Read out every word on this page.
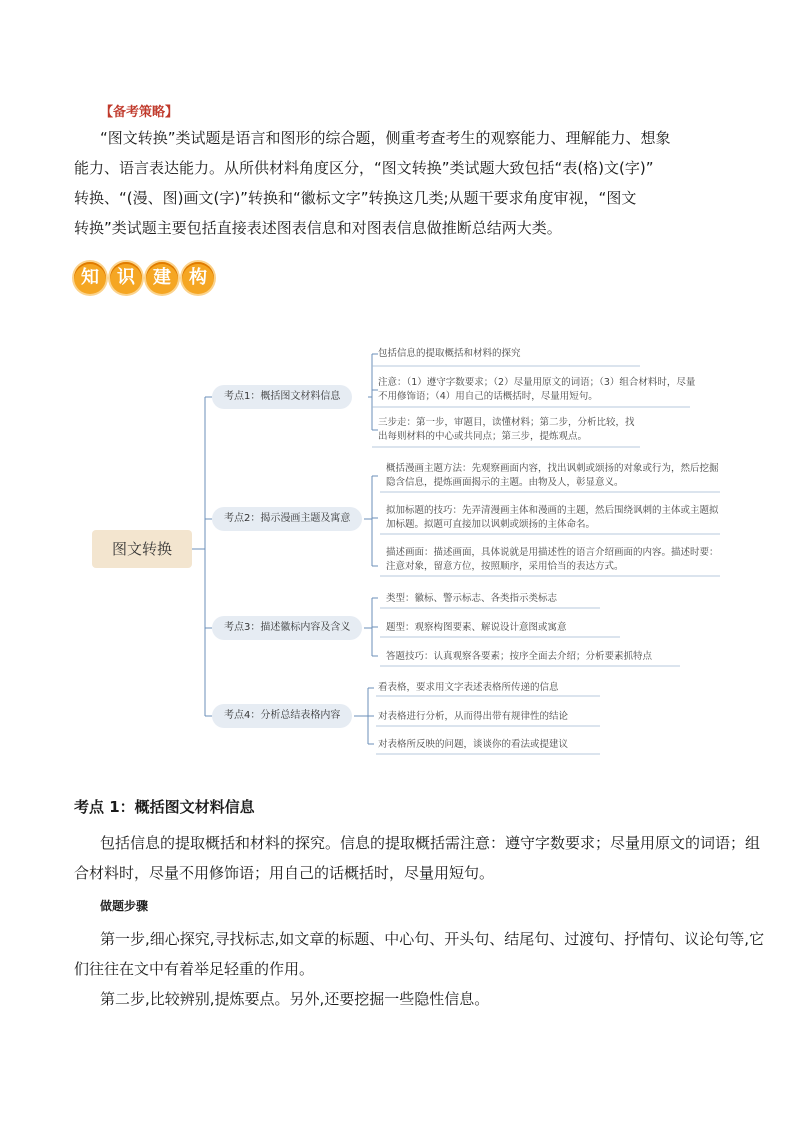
【备考策略】
“图文转换”类试题是语言和图形的综合题，侧重考查考生的观察能力、理解能力、想象
能力、语言表达能力。从所供材料角度区分，“图文转换”类试题大致包括“表(格)文(字)”
转换、“(漫、图)画文(字)”转换和“徽标文字”转换这几类;从题干要求角度审视，“图文
转换”类试题主要包括直接表述图表信息和对图表信息做推断总结两大类。
知 识 建 构
图文转换
考点1：概括图文材料信息
考点2：揭示漫画主题及寓意
考点3：描述徽标内容及含义
考点4：分析总结表格内容
包括信息的提取概括和材料的探究
注意：（1）遵守字数要求；（2）尽量用原文的词语；（3）组合材料时，尽量不用修饰语；（4）用自己的话概括时，尽量用短句。
三步走：第一步，审题目，读懂材料；第二步，分析比较，找出每则材料的中心或共同点；第三步，提炼观点。
概括漫画主题方法：先观察画面内容，找出讽刺或颂扬的对象或行为，然后挖掘隐含信息，提炼画面揭示的主题。由物及人，彰显意义。
拟加标题的技巧：先弄清漫画主体和漫画的主题，然后围绕讽刺的主体或主题拟加标题。拟题可直接加以讽刺或颂扬的主体命名。
描述画面：描述画面，具体说就是用描述性的语言介绍画面的内容。描述时要：注意对象，留意方位，按照顺序，采用恰当的表达方式。
类型：徽标、警示标志、各类指示类标志
题型：观察构图要素、解说设计意图或寓意
答题技巧：认真观察各要素；按序全面去介绍；分析要素抓特点
看表格，要求用文字表述表格所传递的信息
对表格进行分析，从而得出带有规律性的结论
对表格所反映的问题，谈谈你的看法或提建议
考点 1：概括图文材料信息
包括信息的提取概括和材料的探究。信息的提取概括需注意：遵守字数要求；尽量用原文的词语；组
合材料时，尽量不用修饰语；用自己的话概括时，尽量用短句。
做题步骤
第一步,细心探究,寻找标志,如文章的标题、中心句、开头句、结尾句、过渡句、抒情句、议论句等,它
们往往在文中有着举足轻重的作用。
第二步,比较辨别,提炼要点。另外,还要挖掘一些隐性信息。
